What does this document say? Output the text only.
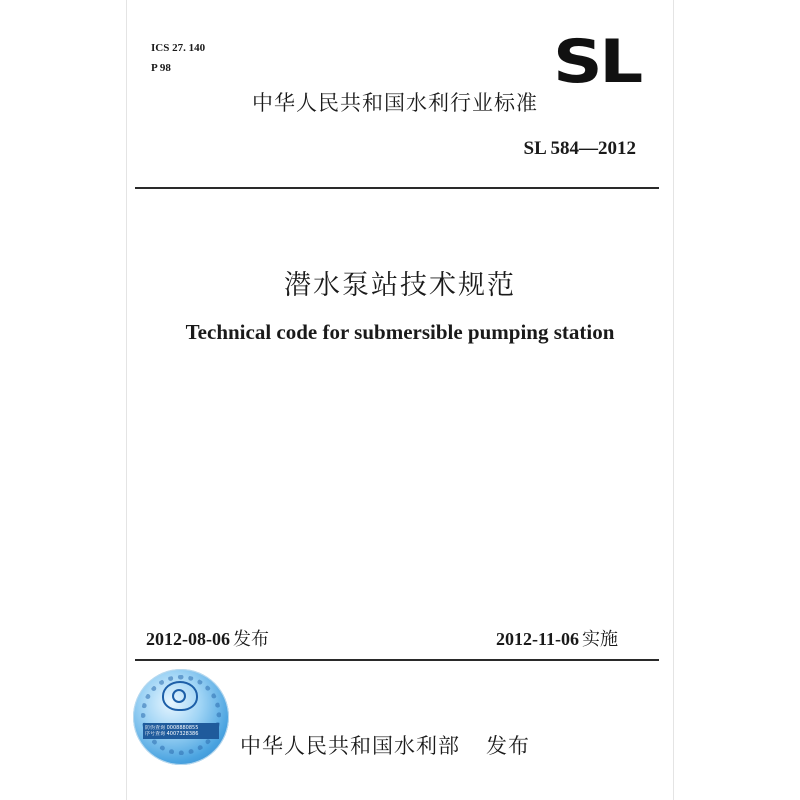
ICS 27. 140
P 98	SL
中华人民共和国水利行业标准
SL 584—2012
潜水泵站技术规范
Technical code for submersible pumping station
2012-08-06 发布	2012-11-06 实施
防伪查询 0008880855
序号查询 4007328386	中华人民共和国水利部 发布
